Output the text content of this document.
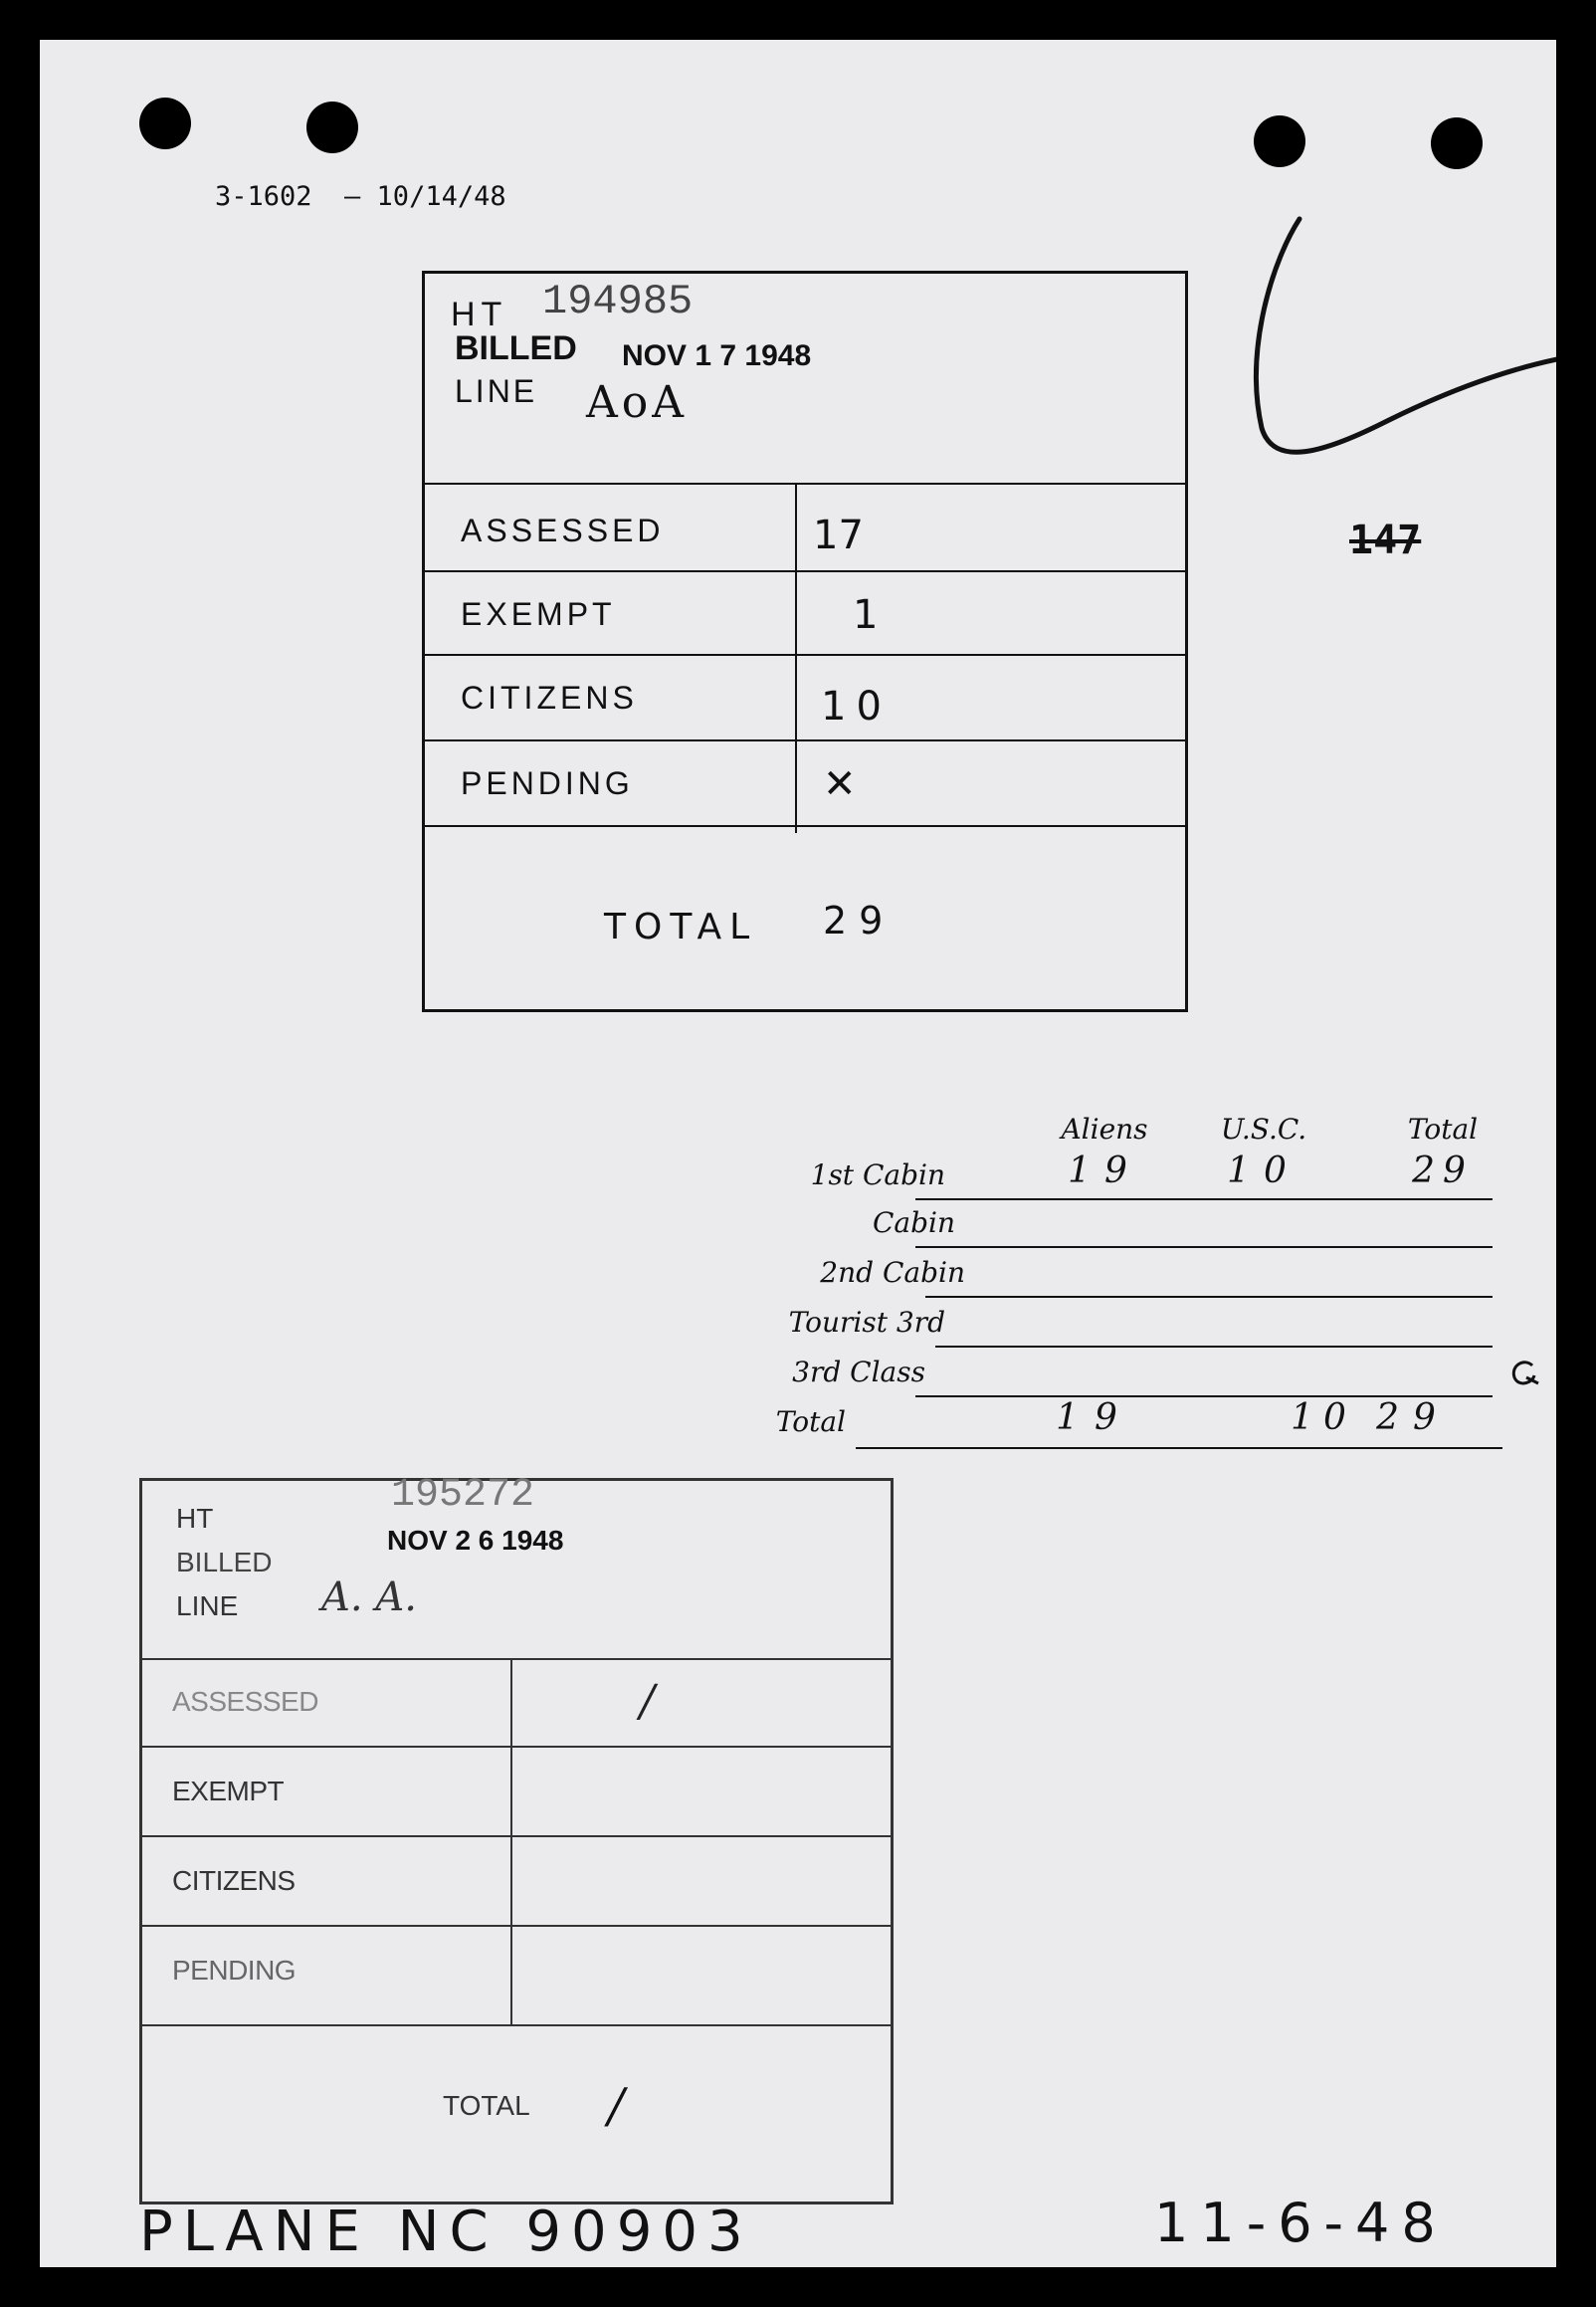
3-1602  — 10/14/48
147
HT 194985
BILLED NOV 1 7 1948
LINE AoA
ASSESSED	17
EXEMPT	1
CITIZENS	10
PENDING	✕
TOTAL 29
Aliens	U.S.C.	Total
1st Cabin	19	10	29
Cabin
2nd Cabin
Tourist 3rd
3rd Class
Total	19	10 29
195272
HT
BILLED
NOV 2 6 1948
LINE A. A.
ASSESSED	/
EXEMPT
CITIZENS
PENDING
TOTAL /
PLANE NC 90903	11-6-48
